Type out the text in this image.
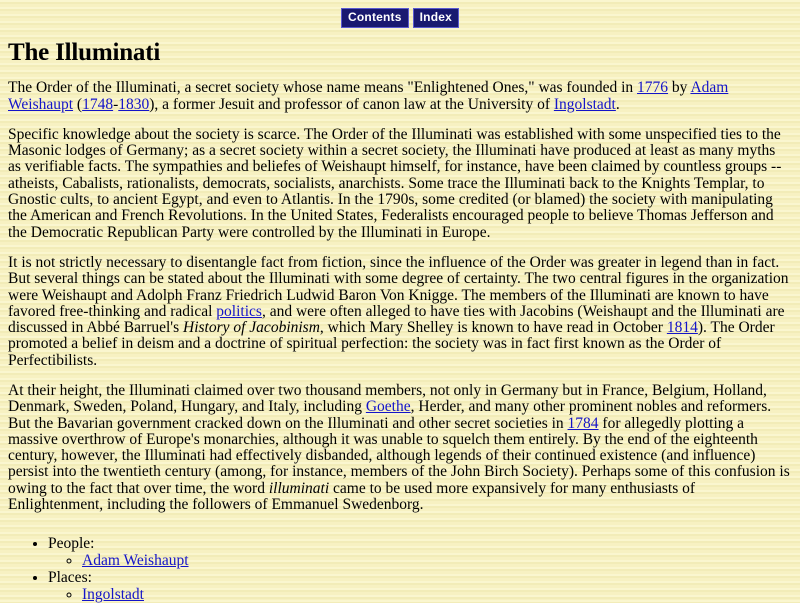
Contents Index
The Illuminati

The Order of the Illuminati, a secret society whose name means "Enlightened Ones," was founded in 1776 by Adam Weishaupt (1748-1830), a former Jesuit and professor of canon law at the University of Ingolstadt.

Specific knowledge about the society is scarce. The Order of the Illuminati was established with some unspecified ties to the Masonic lodges of Germany; as a secret society within a secret society, the Illuminati have produced at least as many myths as verifiable facts. The sympathies and beliefes of Weishaupt himself, for instance, have been claimed by countless groups -- atheists, Cabalists, rationalists, democrats, socialists, anarchists. Some trace the Illuminati back to the Knights Templar, to Gnostic cults, to ancient Egypt, and even to Atlantis. In the 1790s, some credited (or blamed) the society with manipulating the American and French Revolutions. In the United States, Federalists encouraged people to believe Thomas Jefferson and the Democratic Republican Party were controlled by the Illuminati in Europe.

It is not strictly necessary to disentangle fact from fiction, since the influence of the Order was greater in legend than in fact. But several things can be stated about the Illuminati with some degree of certainty. The two central figures in the organization were Weishaupt and Adolph Franz Friedrich Ludwid Baron Von Knigge. The members of the Illuminati are known to have favored free-thinking and radical politics, and were often alleged to have ties with Jacobins (Weishaupt and the Illuminati are discussed in Abbé Barruel's History of Jacobinism, which Mary Shelley is known to have read in October 1814). The Order promoted a belief in deism and a doctrine of spiritual perfection: the society was in fact first known as the Order of Perfectibilists.

At their height, the Illuminati claimed over two thousand members, not only in Germany but in France, Belgium, Holland, Denmark, Sweden, Poland, Hungary, and Italy, including Goethe, Herder, and many other prominent nobles and reformers. But the Bavarian government cracked down on the Illuminati and other secret societies in 1784 for allegedly plotting a massive overthrow of Europe's monarchies, although it was unable to squelch them entirely. By the end of the eighteenth century, however, the Illuminati had effectively disbanded, although legends of their continued existence (and influence) persist into the twentieth century (among, for instance, members of the John Birch Society). Perhaps some of this confusion is owing to the fact that over time, the word illuminati came to be used more expansively for many enthusiasts of Enlightenment, including the followers of Emmanuel Swedenborg.

• People:
◦ Adam Weishaupt
• Places:
◦ Ingolstadt
